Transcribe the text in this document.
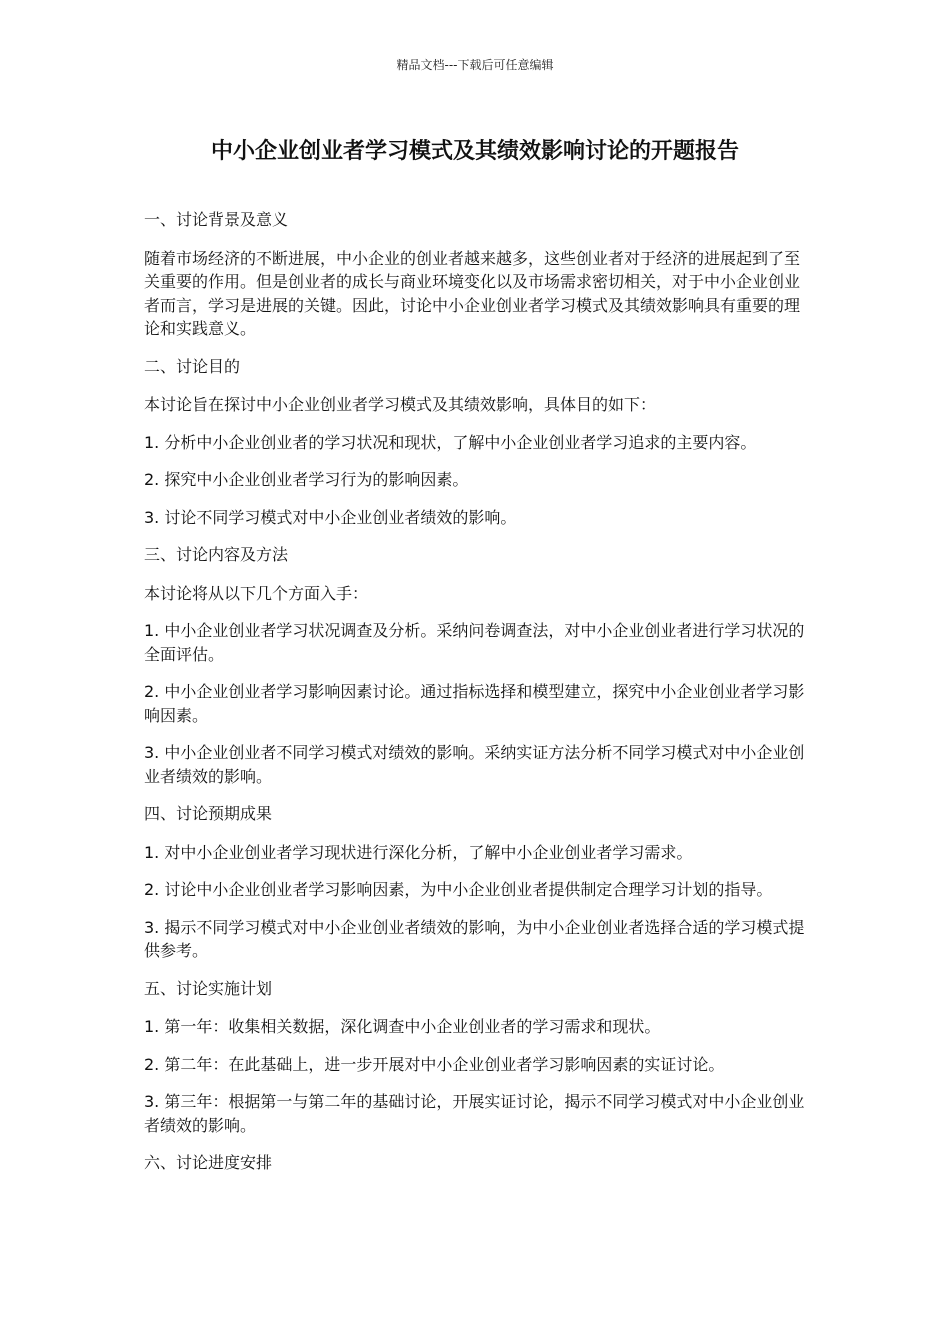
精品文档---下载后可任意编辑
中小企业创业者学习模式及其绩效影响讨论的开题报告

一、讨论背景及意义

随着市场经济的不断进展，中小企业的创业者越来越多，这些创业者对于经济的进展起到了至关重要的作用。但是创业者的成长与商业环境变化以及市场需求密切相关，对于中小企业创业者而言，学习是进展的关键。因此，讨论中小企业创业者学习模式及其绩效影响具有重要的理论和实践意义。

二、讨论目的

本讨论旨在探讨中小企业创业者学习模式及其绩效影响，具体目的如下：

1. 分析中小企业创业者的学习状况和现状，了解中小企业创业者学习追求的主要内容。

2. 探究中小企业创业者学习行为的影响因素。

3. 讨论不同学习模式对中小企业创业者绩效的影响。

三、讨论内容及方法

本讨论将从以下几个方面入手：

1. 中小企业创业者学习状况调查及分析。采纳问卷调查法，对中小企业创业者进行学习状况的全面评估。

2. 中小企业创业者学习影响因素讨论。通过指标选择和模型建立，探究中小企业创业者学习影响因素。

3. 中小企业创业者不同学习模式对绩效的影响。采纳实证方法分析不同学习模式对中小企业创业者绩效的影响。

四、讨论预期成果

1. 对中小企业创业者学习现状进行深化分析，了解中小企业创业者学习需求。

2. 讨论中小企业创业者学习影响因素，为中小企业创业者提供制定合理学习计划的指导。

3. 揭示不同学习模式对中小企业创业者绩效的影响，为中小企业创业者选择合适的学习模式提供参考。

五、讨论实施计划

1. 第一年：收集相关数据，深化调查中小企业创业者的学习需求和现状。

2. 第二年：在此基础上，进一步开展对中小企业创业者学习影响因素的实证讨论。

3. 第三年：根据第一与第二年的基础讨论，开展实证讨论，揭示不同学习模式对中小企业创业者绩效的影响。

六、讨论进度安排
